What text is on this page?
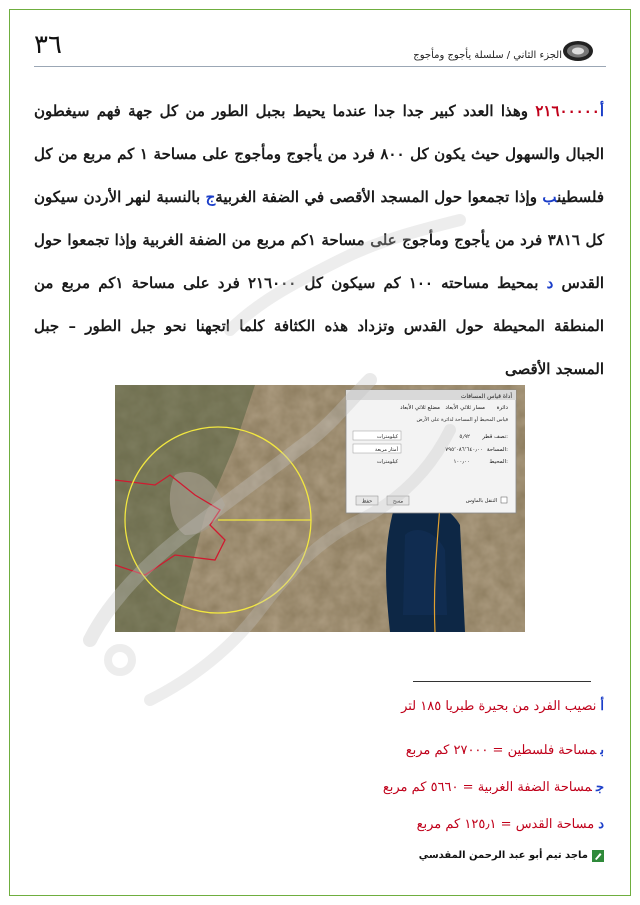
٣٦	الجزء الثاني / سلسلة يأجوج ومأجوج
أ٢١٦٠٠٠٠٠ وهذا العدد كبير جدا جدا عندما يحيط بجبل الطور من كل جهة فهم سيغطون الجبال والسهول حيث يكون كل ٨٠٠ فرد من يأجوج ومأجوج على مساحة ١ كم مربع من كل فلسطينب وإذا تجمعوا حول المسجد الأقصى في الضفة الغربيةج بالنسبة لنهر الأردن سيكون كل ٣٨١٦ فرد من يأجوج ومأجوج على مساحة ١كم مربع من الضفة الغربية وإذا تجمعوا حول القدس د بمحيط مساحته ١٠٠ كم سيكون كل ٢١٦٠٠٠ فرد على مساحة ١كم مربع من المنطقة المحيطة حول القدس وتزداد هذه الكثافة كلما اتجهنا نحو جبل الطور – جبل المسجد الأقصى
أداة قياس المسافات
دائرة
مسار ثلاثي الأبعاد
مضلع ثلاثي الأبعاد
قياس المحيط أو المساحة لدائرة على الأرض
نصف قطر:
٥٫٩٢
كيلومترات
المساحة:
٧٩٥٬٠٨٦٬٦٤٠٫٠٠
أمتار مربعة
المحيط:
١٠٠٫٠٠
كيلومترات
التنقل بالماوس
مسح
حفظ
أنصيب الفرد من بحيرة طبريا ١٨٥ لتر
بمساحة فلسطين = ٢٧٠٠٠ كم مربع
جمساحة الضفة الغربية = ٥٦٦٠ كم مربع
دمساحة القدس = ١٢٥٫١ كم مربع
ماجد تيم أبو عبد الرحمن المقدسي
